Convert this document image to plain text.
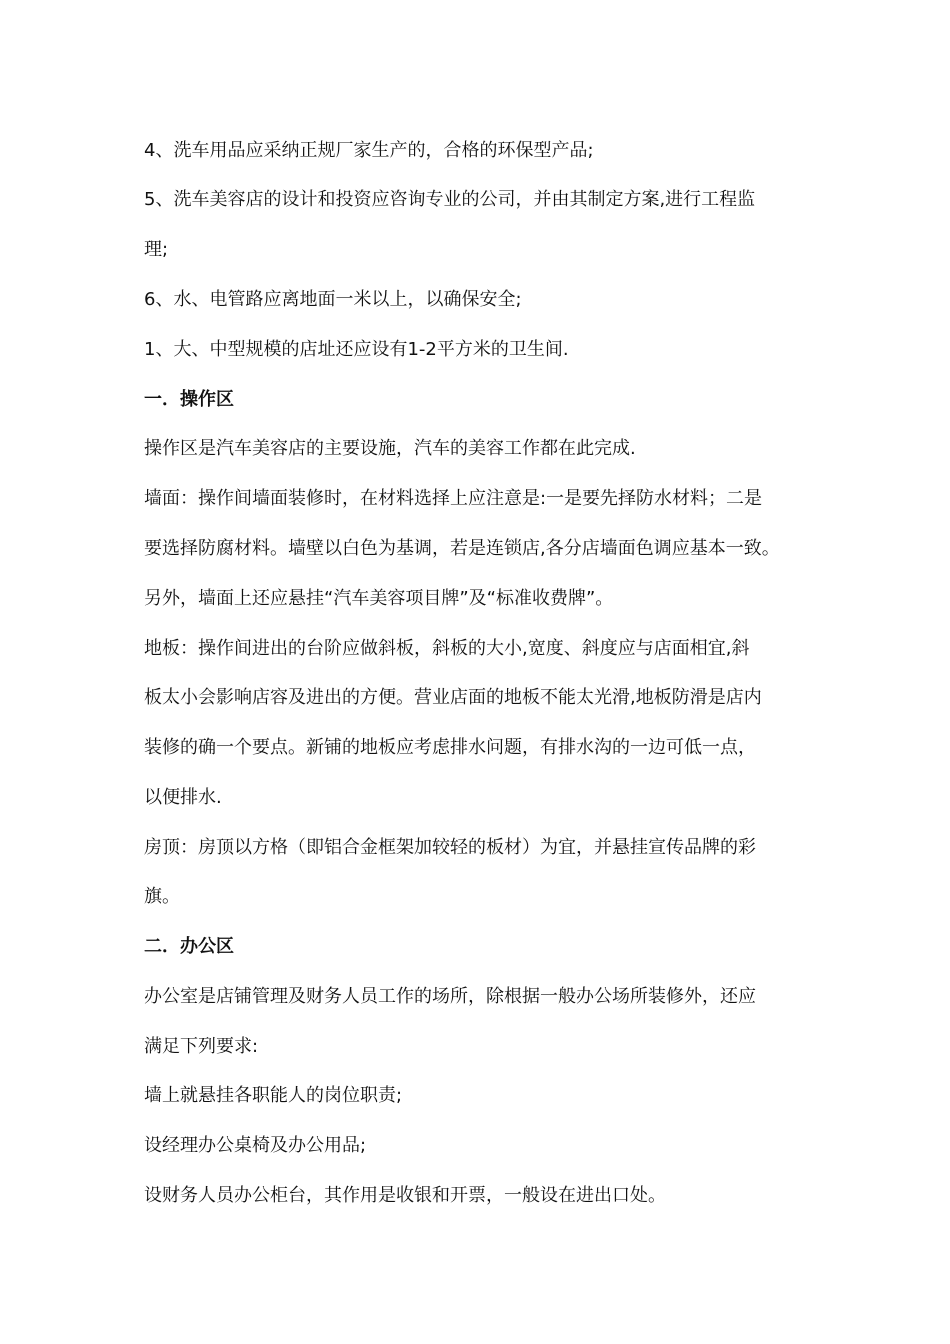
4、洗车用品应采纳正规厂家生产的，合格的环保型产品;
5、洗车美容店的设计和投资应咨询专业的公司，并由其制定方案,进行工程监
理;
6、水、电管路应离地面一米以上，以确保安全;
1、大、中型规模的店址还应设有1-2平方米的卫生间.
一．操作区
操作区是汽车美容店的主要设施，汽车的美容工作都在此完成.
墙面：操作间墙面装修时，在材料选择上应注意是:一是要先择防水材料；二是
要选择防腐材料。墙壁以白色为基调，若是连锁店,各分店墙面色调应基本一致。
另外，墙面上还应悬挂“汽车美容项目牌”及“标准收费牌”。
地板：操作间进出的台阶应做斜板，斜板的大小,宽度、斜度应与店面相宜,斜
板太小会影响店容及进出的方便。营业店面的地板不能太光滑,地板防滑是店内
装修的确一个要点。新铺的地板应考虑排水问题，有排水沟的一边可低一点，
以便排水.
房顶：房顶以方格（即铝合金框架加较轻的板材）为宜，并悬挂宣传品牌的彩
旗。
二．办公区
办公室是店铺管理及财务人员工作的场所，除根据一般办公场所装修外，还应
满足下列要求:
墙上就悬挂各职能人的岗位职责;
设经理办公桌椅及办公用品;
设财务人员办公柜台，其作用是收银和开票，一般设在进出口处。
